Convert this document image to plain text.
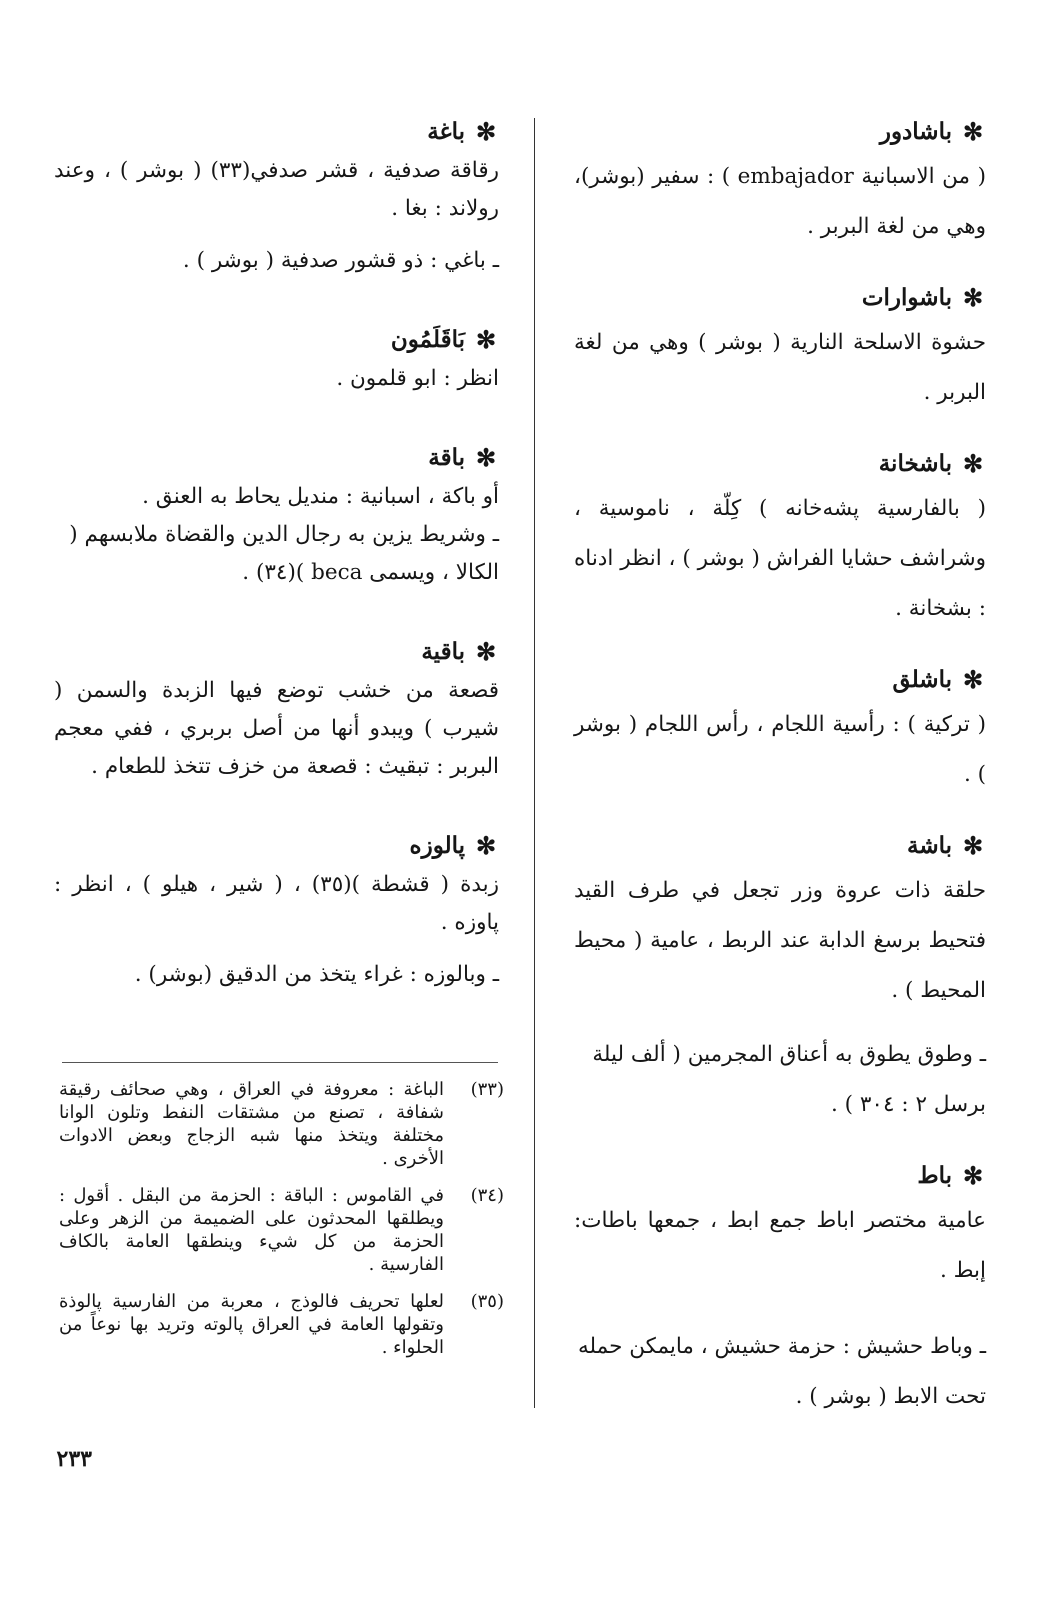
✻
باشادور
( من الاسبانية embajador ) : سفير (بوشر)، وهي من لغة البربر .
✻
باشوارات
حشوة الاسلحة النارية ( بوشر ) وهي من لغة البربر .
✻
باشخانة
( بالفارسية پشه‌خانه ) كِلّة ، ناموسية ، وشراشف حشايا الفراش ( بوشر ) ، انظر ادناه : بشخانة .
✻
باشلق
( تركية ) : رأسية اللجام ، رأس اللجام ( بوشر ) .
✻
باشة
حلقة ذات عروة وزر تجعل في طرف القيد فتحيط برسغ الدابة عند الربط ، عامية ( محيط المحيط ) .
ـ وطوق يطوق به أعناق المجرمين ( ألف ليلة برسل ٢ : ٣٠٤ ) .
✻
باط
عامية مختصر اباط جمع ابط ، جمعها باطات: إبط .
ـ وباط حشيش : حزمة حشيش ، مايمكن حمله تحت الابط ( بوشر ) .
✻
باغة
رقاقة صدفية ، قشر صدفي(٣٣) ( بوشر ) ، وعند رولاند : بغا .
ـ باغي : ذو قشور صدفية ( بوشر ) .
✻
بَاقَلَمُون
انظر : ابو قلمون .
✻
باقة
أو باكة ، اسبانية : منديل يحاط به العنق .
ـ وشريط يزين به رجال الدين والقضاة ملابسهم ( الكالا ، ويسمى beca )(٣٤) .
✻
باقية
قصعة من خشب توضع فيها الزبدة والسمن ( شيرب ) ويبدو أنها من أصل بربري ، ففي معجم البربر : تبقيث : قصعة من خزف تتخذ للطعام .
✻
پالوزه
زبدة ( قشطة )(٣٥) ، ( شير ، هيلو ) ، انظر : پاوزه .
ـ وبالوزه : غراء يتخذ من الدقيق (بوشر) .
(٣٣)
الباغة : معروفة في العراق ، وهي صحائف رقيقة شفافة ، تصنع من مشتقات النفط وتلون الوانا مختلفة ويتخذ منها شبه الزجاج وبعض الادوات الأخرى .
(٣٤)
في القاموس : الباقة : الحزمة من البقل . أقول : ويطلقها المحدثون على الضميمة من الزهر وعلى الحزمة من كل شيء وينطقها العامة بالكاف الفارسية .
(٣٥)
لعلها تحريف فالوذج ، معربة من الفارسية پالوذة وتقولها العامة في العراق پالوته وتريد بها نوعاً من الحلواء .
٢٣٣
